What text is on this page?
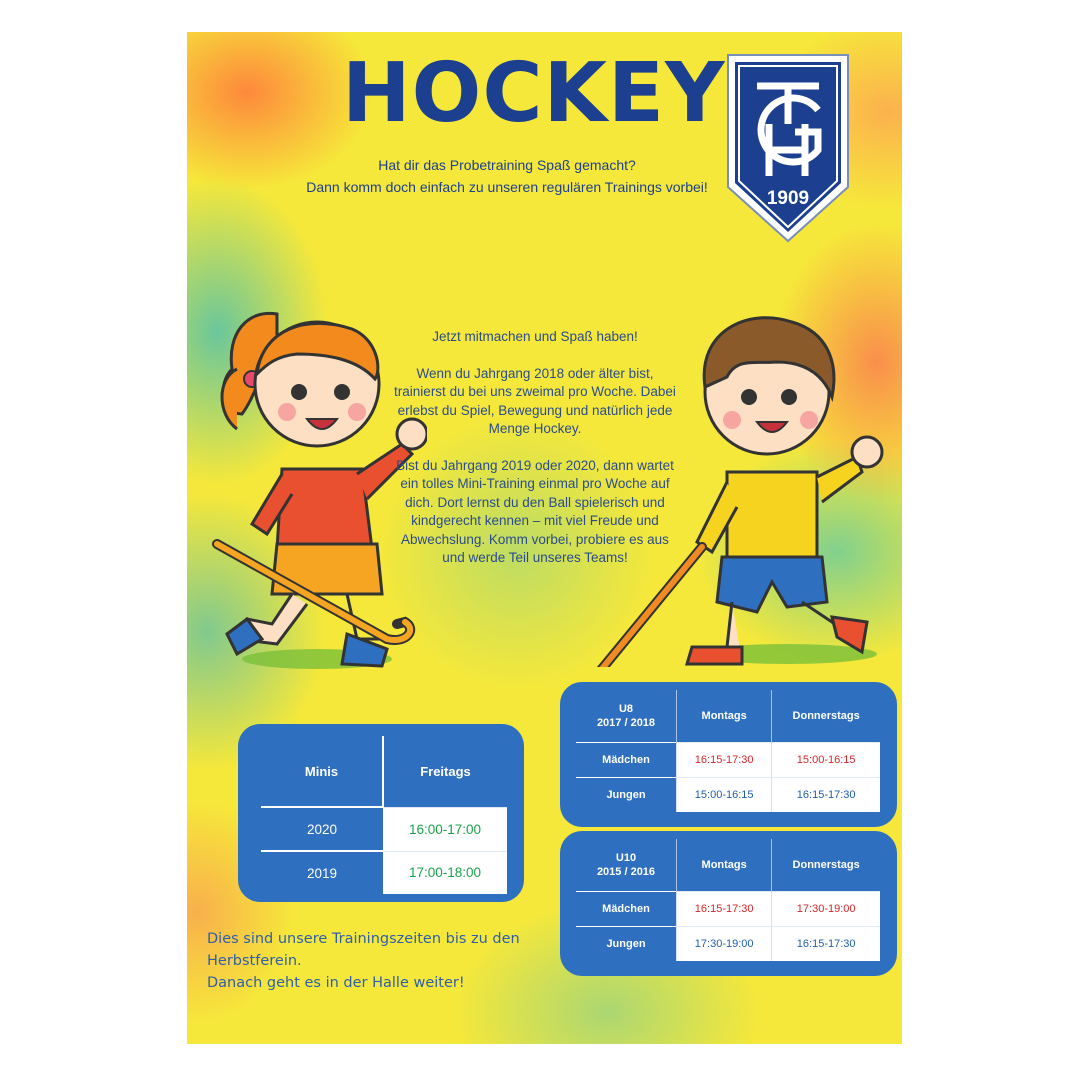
HOCKEY
Hat dir das Probetraining Spaß gemacht?
Dann komm doch einfach zu unseren regulären Trainings vorbei!
1909

Jetzt mitmachen und Spaß haben!

Wenn du Jahrgang 2018 oder älter bist, trainierst du bei uns zweimal pro Woche. Dabei erlebst du Spiel, Bewegung und natürlich jede Menge Hockey.

Bist du Jahrgang 2019 oder 2020, dann wartet ein tolles Mini-Training einmal pro Woche auf dich. Dort lernst du den Ball spielerisch und kindgerecht kennen – mit viel Freude und Abwechslung. Komm vorbei, probiere es aus und werde Teil unseres Teams!

Minis	Freitags
2020	16:00-17:00
2019	17:00-18:00
U8
2017 / 2018	Montags	Donnerstags
Mädchen	16:15-17:30	15:00-16:15
Jungen	15:00-16:15	16:15-17:30
U10
2015 / 2016	Montags	Donnerstags
Mädchen	16:15-17:30	17:30-19:00
Jungen	17:30-19:00	16:15-17:30
Dies sind unsere Trainingszeiten bis zu den
Herbstferein.
Danach geht es in der Halle weiter!
